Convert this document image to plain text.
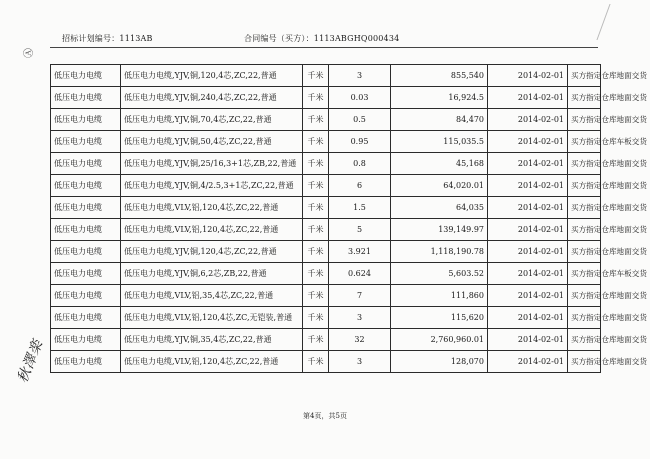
招标计划编号：1113AB	合同编号（买方）：1113ABGHQ000434
Ⓐ
低压电力电缆	低压电力电缆,YJV,铜,120,4芯,ZC,22,普通	千米	3	855,540	2014-02-01	买方指定仓库地面交货
低压电力电缆	低压电力电缆,YJV,铜,240,4芯,ZC,22,普通	千米	0.03	16,924.5	2014-02-01	买方指定仓库地面交货
低压电力电缆	低压电力电缆,YJV,铜,70,4芯,ZC,22,普通	千米	0.5	84,470	2014-02-01	买方指定仓库地面交货
低压电力电缆	低压电力电缆,YJV,铜,50,4芯,ZC,22,普通	千米	0.95	115,035.5	2014-02-01	买方指定仓库车板交货
低压电力电缆	低压电力电缆,YJV,铜,25/16,3+1芯,ZB,22,普通	千米	0.8	45,168	2014-02-01	买方指定仓库地面交货
低压电力电缆	低压电力电缆,YJV,铜,4/2.5,3+1芯,ZC,22,普通	千米	6	64,020.01	2014-02-01	买方指定仓库地面交货
低压电力电缆	低压电力电缆,VLV,铝,120,4芯,ZC,22,普通	千米	1.5	64,035	2014-02-01	买方指定仓库地面交货
低压电力电缆	低压电力电缆,VLV,铝,120,4芯,ZC,22,普通	千米	5	139,149.97	2014-02-01	买方指定仓库地面交货
低压电力电缆	低压电力电缆,YJV,铜,120,4芯,ZC,22,普通	千米	3.921	1,118,190.78	2014-02-01	买方指定仓库地面交货
低压电力电缆	低压电力电缆,YJV,铜,6,2芯,ZB,22,普通	千米	0.624	5,603.52	2014-02-01	买方指定仓库车板交货
低压电力电缆	低压电力电缆,VLV,铝,35,4芯,ZC,22,普通	千米	7	111,860	2014-02-01	买方指定仓库地面交货
低压电力电缆	低压电力电缆,VLV,铝,120,4芯,ZC,无铠装,普通	千米	3	115,620	2014-02-01	买方指定仓库地面交货
低压电力电缆	低压电力电缆,YJV,铜,35,4芯,ZC,22,普通	千米	32	2,760,960.01	2014-02-01	买方指定仓库地面交货
低压电力电缆	低压电力电缆,VLV,铝,120,4芯,ZC,22,普通	千米	3	128,070	2014-02-01	买方指定仓库地面交货
秋澤楽
第4页，共5页
